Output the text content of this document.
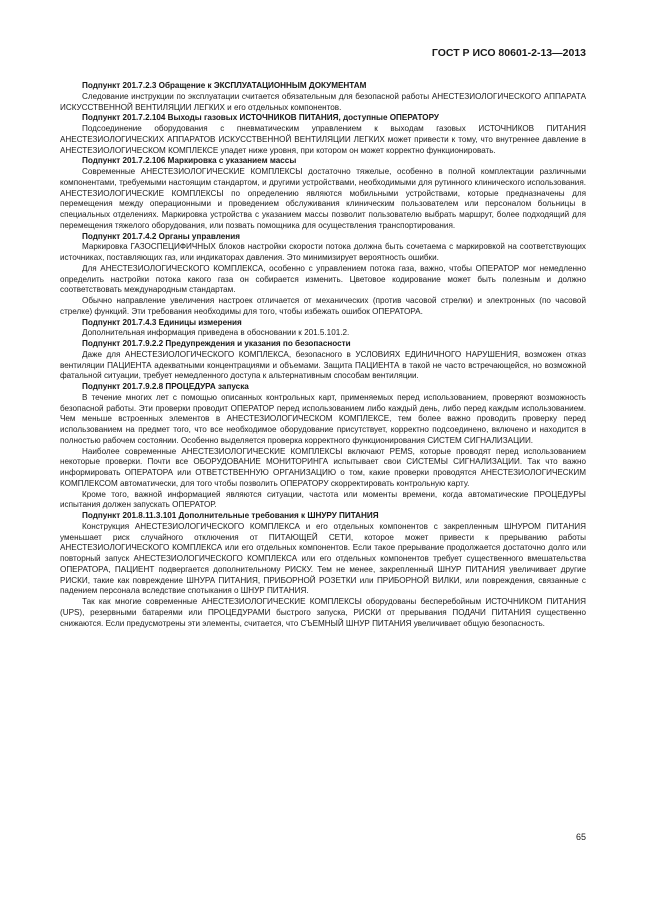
ГОСТ Р ИСО 80601-2-13—2013

Подпункт 201.7.2.3 Обращение к ЭКСПЛУАТАЦИОННЫМ ДОКУМЕНТАМ

Следование инструкции по эксплуатации считается обязательным для безопасной работы АНЕСТЕЗИОЛОГИЧЕСКОГО АППАРАТА ИСКУССТВЕННОЙ ВЕНТИЛЯЦИИ ЛЕГКИХ и его отдельных компонентов.

Подпункт 201.7.2.104 Выходы газовых ИСТОЧНИКОВ ПИТАНИЯ, доступные ОПЕРАТОРУ

Подсоединение оборудования с пневматическим управлением к выходам газовых ИСТОЧНИКОВ ПИТАНИЯ АНЕСТЕЗИОЛОГИЧЕСКИХ АППАРАТОВ ИСКУССТВЕННОЙ ВЕНТИЛЯЦИИ ЛЕГКИХ может привести к тому, что внутреннее давление в АНЕСТЕЗИОЛОГИЧЕСКОМ КОМПЛЕКСЕ упадет ниже уровня, при котором он может корректно функционировать.

Подпункт 201.7.2.106 Маркировка с указанием массы

Современные АНЕСТЕЗИОЛОГИЧЕСКИЕ КОМПЛЕКСЫ достаточно тяжелые, особенно в полной комплектации различными компонентами, требуемыми настоящим стандартом, и другими устройствами, необходимыми для рутинного клинического использования. АНЕСТЕЗИОЛОГИЧЕСКИЕ КОМПЛЕКСЫ по определению являются мобильными устройствами, которые предназначены для перемещения между операционными и проведением обслуживания клиническим пользователем или персоналом больницы в специальных отделениях. Маркировка устройства с указанием массы позволит пользователю выбрать маршрут, более подходящий для перемещения тяжелого оборудования, или позвать помощника для осуществления транспортирования.

Подпункт 201.7.4.2 Органы управления

Маркировка ГАЗОСПЕЦИФИЧНЫХ блоков настройки скорости потока должна быть сочетаема с маркировкой на соответствующих источниках, поставляющих газ, или индикаторах давления. Это минимизирует вероятность ошибки.

Для АНЕСТЕЗИОЛОГИЧЕСКОГО КОМПЛЕКСА, особенно с управлением потока газа, важно, чтобы ОПЕРАТОР мог немедленно определить настройки потока какого газа он собирается изменить. Цветовое кодирование может быть полезным и должно соответствовать международным стандартам.

Обычно направление увеличения настроек отличается от механических (против часовой стрелки) и электронных (по часовой стрелке) функций. Эти требования необходимы для того, чтобы избежать ошибок ОПЕРАТОРА.

Подпункт 201.7.4.3 Единицы измерения

Дополнительная информация приведена в обосновании к 201.5.101.2.

Подпункт 201.7.9.2.2 Предупреждения и указания по безопасности

Даже для АНЕСТЕЗИОЛОГИЧЕСКОГО КОМПЛЕКСА, безопасного в УСЛОВИЯХ ЕДИНИЧНОГО НАРУШЕНИЯ, возможен отказ вентиляции ПАЦИЕНТА адекватными концентрациями и объемами. Защита ПАЦИЕНТА в такой не часто встречающейся, но возможной фатальной ситуации, требует немедленного доступа к альтернативным способам вентиляции.

Подпункт 201.7.9.2.8 ПРОЦЕДУРА запуска

В течение многих лет с помощью описанных контрольных карт, применяемых перед использованием, проверяют возможность безопасной работы. Эти проверки проводит ОПЕРАТОР перед использованием либо каждый день, либо перед каждым использованием. Чем меньше встроенных элементов в АНЕСТЕЗИОЛОГИЧЕСКОМ КОМПЛЕКСЕ, тем более важно проводить проверку перед использованием на предмет того, что все необходимое оборудование присутствует, корректно подсоединено, включено и находится в полностью рабочем состоянии. Особенно выделяется проверка корректного функционирования СИСТЕМ СИГНАЛИЗАЦИИ.

Наиболее современные АНЕСТЕЗИОЛОГИЧЕСКИЕ КОМПЛЕКСЫ включают PEMS, которые проводят перед использованием некоторые проверки. Почти все ОБОРУДОВАНИЕ МОНИТОРИНГА испытывает свои СИСТЕМЫ СИГНАЛИЗАЦИИ. Так что важно информировать ОПЕРАТОРА или ОТВЕТСТВЕННУЮ ОРГАНИЗАЦИЮ о том, какие проверки проводятся АНЕСТЕЗИОЛОГИЧЕСКИМ КОМПЛЕКСОМ автоматически, для того чтобы позволить ОПЕРАТОРУ скорректировать контрольную карту.

Кроме того, важной информацией являются ситуации, частота или моменты времени, когда автоматические ПРОЦЕДУРЫ испытания должен запускать ОПЕРАТОР.

Подпункт 201.8.11.3.101 Дополнительные требования к ШНУРУ ПИТАНИЯ

Конструкция АНЕСТЕЗИОЛОГИЧЕСКОГО КОМПЛЕКСА и его отдельных компонентов с закрепленным ШНУРОМ ПИТАНИЯ уменьшает риск случайного отключения от ПИТАЮЩЕЙ СЕТИ, которое может привести к прерыванию работы АНЕСТЕЗИОЛОГИЧЕСКОГО КОМПЛЕКСА или его отдельных компонентов. Если такое прерывание продолжается достаточно долго или повторный запуск АНЕСТЕЗИОЛОГИЧЕСКОГО КОМПЛЕКСА или его отдельных компонентов требует существенного вмешательства ОПЕРАТОРА, ПАЦИЕНТ подвергается дополнительному РИСКУ. Тем не менее, закрепленный ШНУР ПИТАНИЯ увеличивает другие РИСКИ, такие как повреждение ШНУРА ПИТАНИЯ, ПРИБОРНОЙ РОЗЕТКИ или ПРИБОРНОЙ ВИЛКИ, или повреждения, связанные с падением персонала вследствие спотыкания о ШНУР ПИТАНИЯ.

Так как многие современные АНЕСТЕЗИОЛОГИЧЕСКИЕ КОМПЛЕКСЫ оборудованы бесперебойным ИСТОЧНИКОМ ПИТАНИЯ (UPS), резервными батареями или ПРОЦЕДУРАМИ быстрого запуска, РИСКИ от прерывания ПОДАЧИ ПИТАНИЯ существенно снижаются. Если предусмотрены эти элементы, считается, что СЪЕМНЫЙ ШНУР ПИТАНИЯ увеличивает общую безопасность.

65
